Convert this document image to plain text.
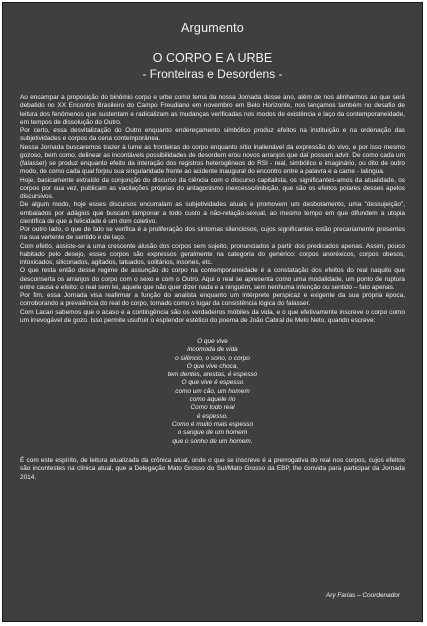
Argumento
O CORPO E A URBE
- Fronteiras e Desordens -

Ao encampar a proposição do binômio corpo e urbe como tema da nossa Jornada desse ano, além de nos alinharmos ao que será debatido no XX Encontro Brasileiro do Campo Freudiano em novembro em Belo Horizonte, nos lançamos também no desafio de leitura dos fenômenos que sustentam e radicalizam as mudanças verificadas nos modos de existência e laço da contemporaneidade, em tempos de dissolução do Outro.

Por certo, essa desvitalização do Outro enquanto endereçamento simbólico produz efeitos na instituição e na ordenação das subjetividades e corpos da cena contemporânea.

Nessa Jornada buscaremos trazer à lume as fronteiras do corpo enquanto sítio inalienável da expressão do vivo, e por isso mesmo gozoso, bem como, delinear as incontáveis possibilidades de desordem e/ou novos arranjos que daí possam advir. De como cada um (falasser) se produz enquanto efeito da interação dos registros heterogêneos do RSI - real, simbólico e imaginário, ou dito de outro modo, de como cada qual forjou sua singularidade frente ao acidente inaugural do encontro entre a palavra e a carne - lalingua.

Hoje, basicamente extraído da conjunção do discurso da ciência com o discurso capitalista, os significantes-amos da atualidade, os corpos por sua vez, publicam as vacilações próprias do antagonismo inexcesso/inibição, que são os efeitos polares desses apelos discursivos.

De algum modo, hoje esses discursos encurralam as subjetividades atuais e promovem um desbotamento, uma "dessujeição", embalados por adágios que buscam tamponar a todo custo a não-relação-sexual, ao mesmo tempo em que difundem a utopia científica de que a felicidade é um dom coletivo.

Por outro lado, o que de fato se verifica é a proliferação dos sintomas silenciosos, cujos significantes estão precariamente presentes na sua vertente de sentido e de laço.

Com efeito, assiste-se a uma crescente alusão dos corpos sem sujeito, pronunciados a partir dos predicados apenas. Assim, pouco habitado pelo desejo, esses corpos são expressos geralmente na categoria do genérico: corpos anoréxicos, corpos obesos, intoxicados, siliconados, agitados, tatuados, solitários, insones, etc.

O que resta então desse regime de assunção do corpo na contemporaneidade é a constatação dos efeitos do real naquilo que desconserta os arranjos do corpo com o sexo e com o Outro. Aqui o real se apresenta como uma modalidade, um ponto de ruptura entre causa e efeito: o real sem lei, aquele que não quer dizer nada e a ninguém, sem nenhuma intenção ou sentido – fato apenas.

Por fim, essa Jornada visa reafirmar a função do analista enquanto um intérprete perspicaz e exigente da sua própria época, corroborando a prevalência do real do corpo, tomado como o lugar da consistência lógica do falasser.

Com Lacan sabemos que o acaso e a contingência são os verdadeiros móbiles da vida, e o que efetivamente inscreve o corpo como um irrevogável de gozo. Isso permite usufruir o esplendor estético do poema de João Cabral de Melo Neto, quando escreve:

O que vive
incomoda de vida
o silêncio, o sono, o corpo
O que vive choca,
tem dentes, arestas, é espesso
O que vive é espesso
como um cão, um homem
como aquele rio
Como todo real
é espesso.
Como é muito mais espesso
o sangue de um homem
que o sonho de um homem.

É com este espírito, de leitura atualizada da crônica atual, onde o que se inscreve é a prerrogativa do real nos corpos, cujos efeitos são incontestes na clínica atual, que a Delegação Mato Grosso do Sul/Mato Grosso da EBP, lhe convida para participar da Jornada 2014.

Ary Farias – Coordenador
